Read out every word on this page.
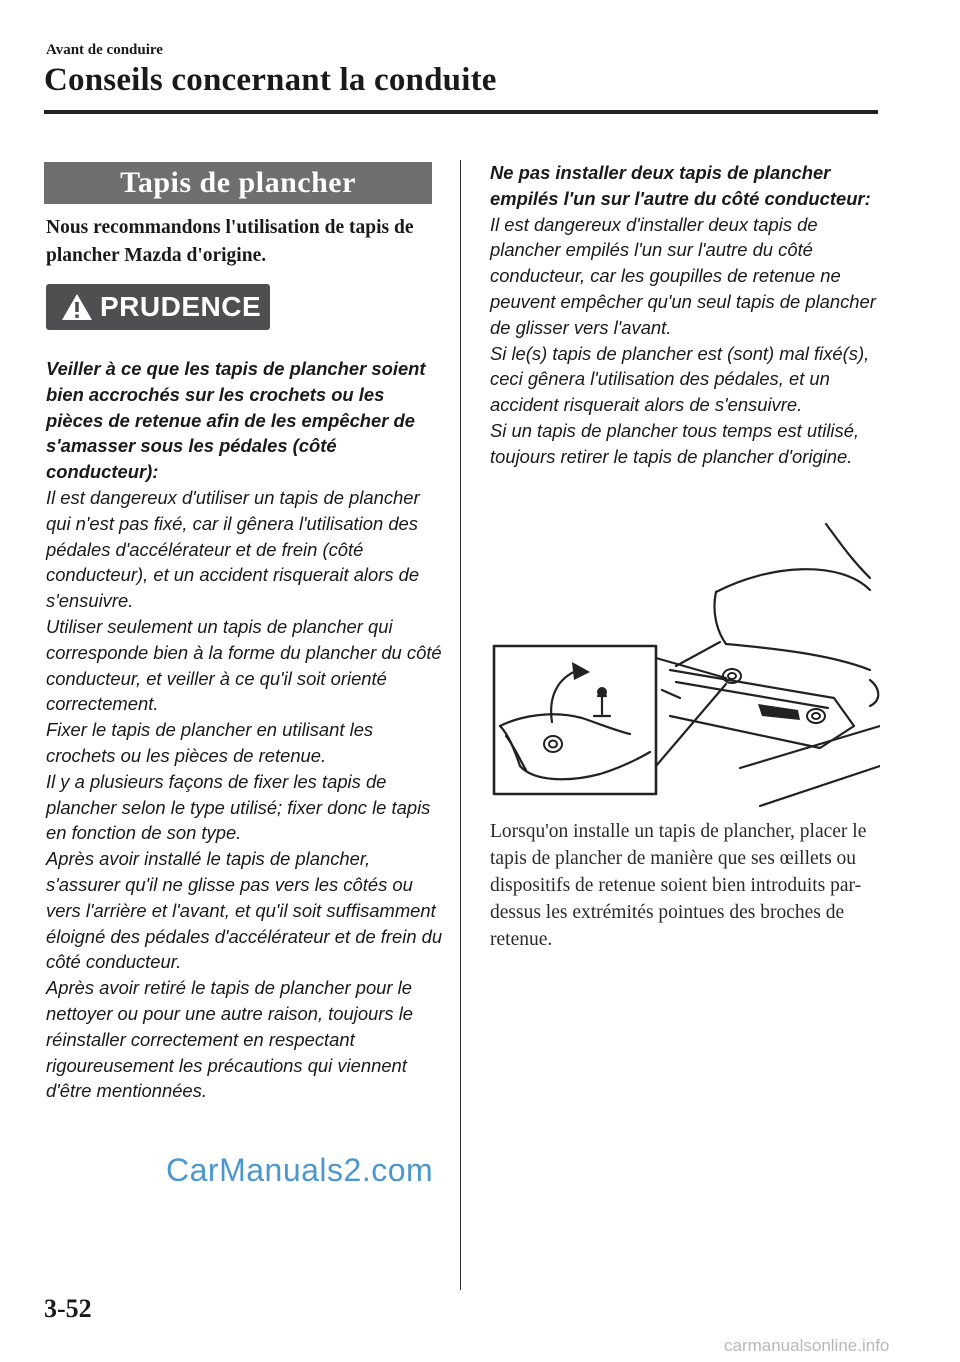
Avant de conduire
Conseils concernant la conduite
Tapis de plancher
Nous recommandons l'utilisation de tapis de plancher Mazda d'origine.
PRUDENCE

Veiller à ce que les tapis de plancher soient bien accrochés sur les crochets ou les pièces de retenue afin de les empêcher de s'amasser sous les pédales (côté conducteur):

Il est dangereux d'utiliser un tapis de plancher qui n'est pas fixé, car il gênera l'utilisation des pédales d'accélérateur et de frein (côté conducteur), et un accident risquerait alors de s'ensuivre.

Utiliser seulement un tapis de plancher qui corresponde bien à la forme du plancher du côté conducteur, et veiller à ce qu'il soit orienté correctement.

Fixer le tapis de plancher en utilisant les crochets ou les pièces de retenue.

Il y a plusieurs façons de fixer les tapis de plancher selon le type utilisé; fixer donc le tapis en fonction de son type.

Après avoir installé le tapis de plancher, s'assurer qu'il ne glisse pas vers les côtés ou vers l'arrière et l'avant, et qu'il soit suffisamment éloigné des pédales d'accélérateur et de frein du côté conducteur.

Après avoir retiré le tapis de plancher pour le nettoyer ou pour une autre raison, toujours le réinstaller correctement en respectant rigoureusement les précautions qui viennent d'être mentionnées.

Ne pas installer deux tapis de plancher empilés l'un sur l'autre du côté conducteur:

Il est dangereux d'installer deux tapis de plancher empilés l'un sur l'autre du côté conducteur, car les goupilles de retenue ne peuvent empêcher qu'un seul tapis de plancher de glisser vers l'avant.

Si le(s) tapis de plancher est (sont) mal fixé(s), ceci gênera l'utilisation des pédales, et un accident risquerait alors de s'ensuivre.

Si un tapis de plancher tous temps est utilisé, toujours retirer le tapis de plancher d'origine.

Lorsqu'on installe un tapis de plancher, placer le tapis de plancher de manière que ses œillets ou dispositifs de retenue soient bien introduits par-dessus les extrémités pointues des broches de retenue.
CarManuals2.com
3-52
carmanualsonline.info
